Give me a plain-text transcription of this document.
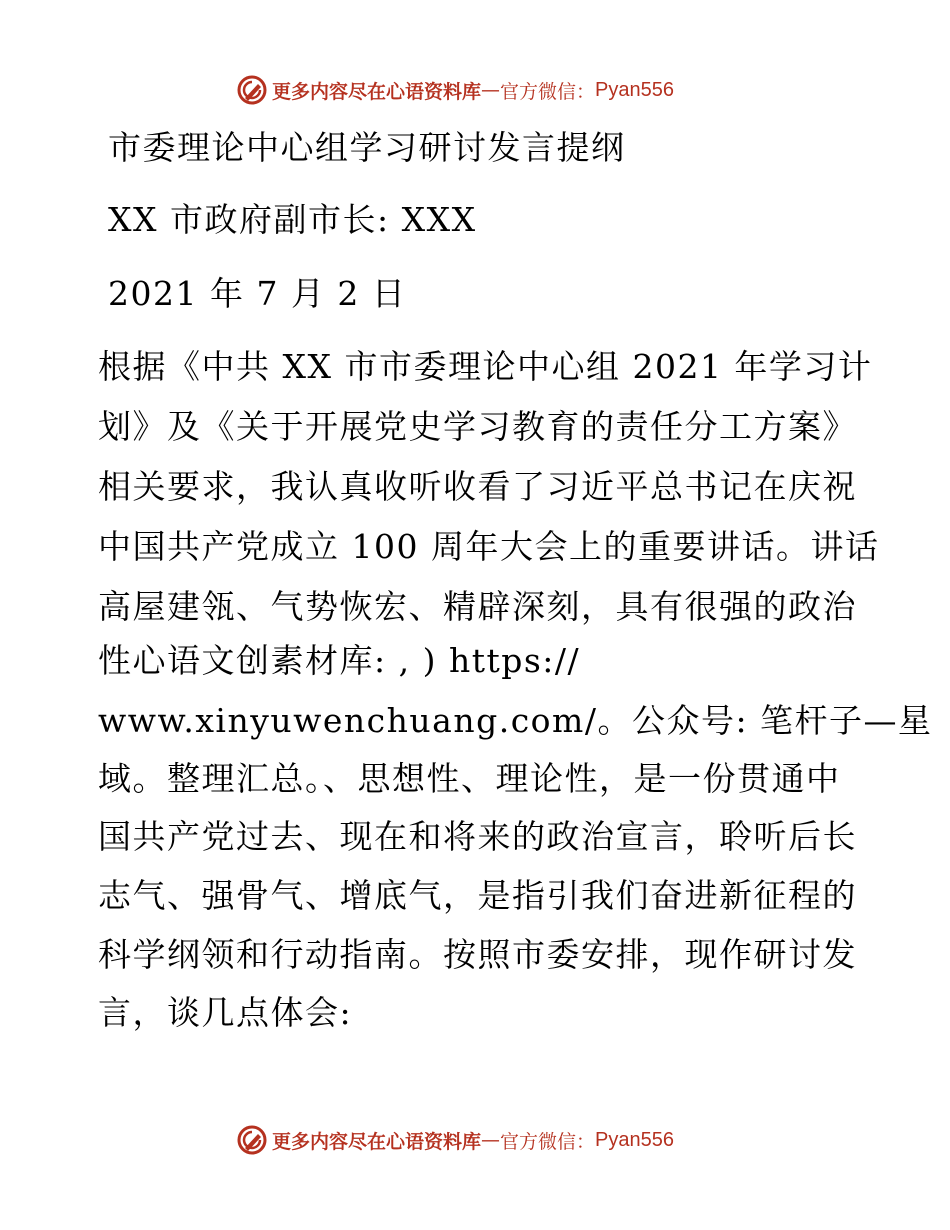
更多内容尽在心语资料库 — 官方微信： Pyan556
市委理论中心组学习研讨发言提纲
XX 市政府副市长: XXX
2021 年 7 月 2 日
根据《中共 XX 市市委理论中心组 2021 年学习计
划》及《关于开展党史学习教育的责任分工方案》
相关要求，我认真收听收看了习近平总书记在庆祝
中国共产党成立 100 周年大会上的重要讲话。讲话
高屋建瓴、气势恢宏、精辟深刻，具有很强的政治
性心语文创素材库: , ) https://
www.xinyuwenchuang.com/。公众号: 笔杆子—星
域。整理汇总。、思想性、理论性，是一份贯通中
国共产党过去、现在和将来的政治宣言，聆听后长
志气、强骨气、增底气，是指引我们奋进新征程的
科学纲领和行动指南。按照市委安排，现作研讨发
言，谈几点体会:
更多内容尽在心语资料库 — 官方微信： Pyan556
